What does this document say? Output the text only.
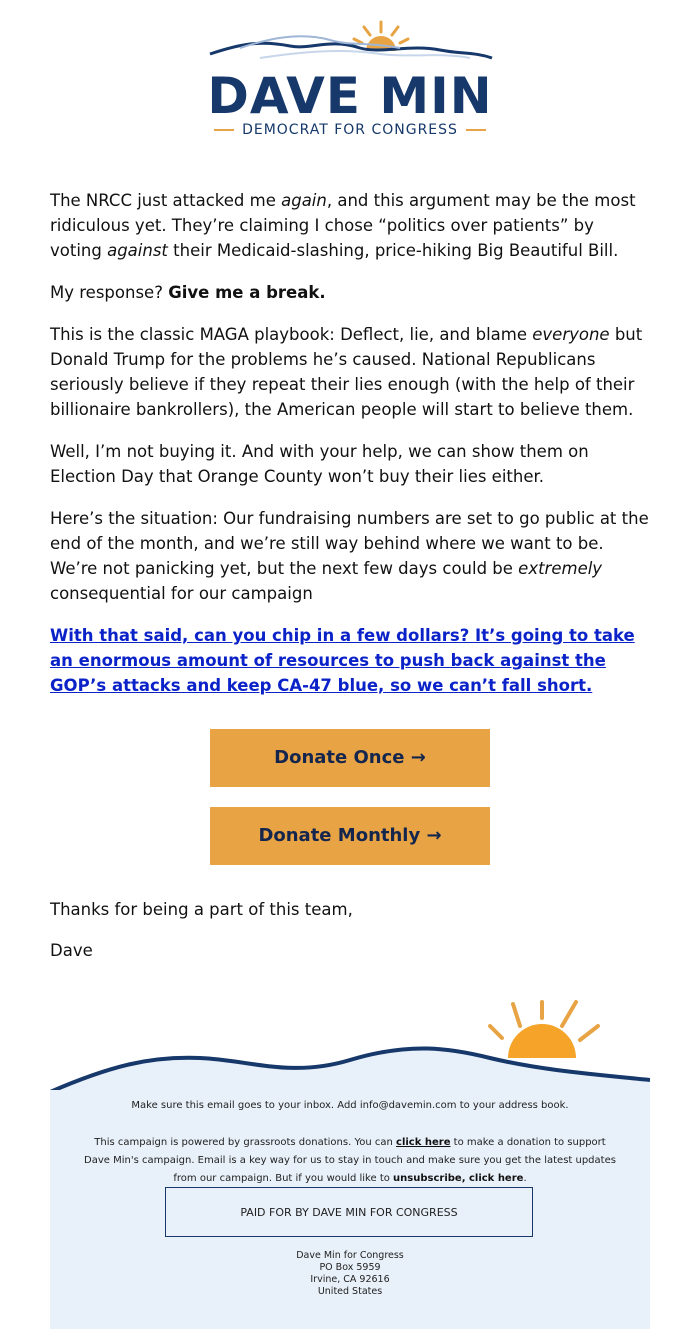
DAVE MIN
DEMOCRAT FOR CONGRESS

The NRCC just attacked me again, and this argument may be the most ridiculous yet. They’re claiming I chose “politics over patients” by voting against their Medicaid-slashing, price-hiking Big Beautiful Bill.

My response? Give me a break.

This is the classic MAGA playbook: Deflect, lie, and blame everyone but Donald Trump for the problems he’s caused. National Republicans seriously believe if they repeat their lies enough (with the help of their billionaire bankrollers), the American people will start to believe them.

Well, I’m not buying it. And with your help, we can show them on Election Day that Orange County won’t buy their lies either.

Here’s the situation: Our fundraising numbers are set to go public at the end of the month, and we’re still way behind where we want to be. We’re not panicking yet, but the next few days could be extremely consequential for our campaign

With that said, can you chip in a few dollars? It’s going to take an enormous amount of resources to push back against the GOP’s attacks and keep CA-47 blue, so we can’t fall short.

Donate Once →
Donate Monthly →

Thanks for being a part of this team,

Dave

Make sure this email goes to your inbox. Add info@davemin.com to your address book.
This campaign is powered by grassroots donations. You can click here to make a donation to support Dave Min's campaign. Email is a key way for us to stay in touch and make sure you get the latest updates from our campaign. But if you would like to unsubscribe, click here.
PAID FOR BY DAVE MIN FOR CONGRESS
Dave Min for Congress
PO Box 5959
Irvine, CA 92616
United States
